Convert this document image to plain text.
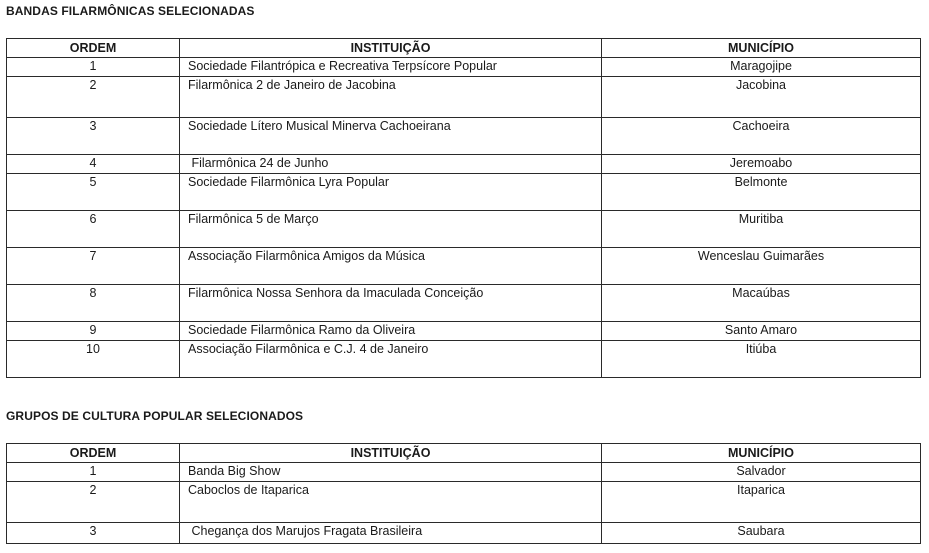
BANDAS FILARMÔNICAS SELECIONADAS
ORDEM	INSTITUIÇÃO	MUNICÍPIO
1	Sociedade Filantrópica e Recreativa Terpsícore Popular	Maragojipe
2	Filarmônica 2 de Janeiro de Jacobina	Jacobina
3	Sociedade Lítero Musical Minerva Cachoeirana	Cachoeira
4	Filarmônica 24 de Junho	Jeremoabo
5	Sociedade Filarmônica Lyra Popular	Belmonte
6	Filarmônica 5 de Março	Muritiba
7	Associação Filarmônica Amigos da Música	Wenceslau Guimarães
8	Filarmônica Nossa Senhora da Imaculada Conceição	Macaúbas
9	Sociedade Filarmônica Ramo da Oliveira	Santo Amaro
10	Associação Filarmônica e C.J. 4 de Janeiro	Itiúba
GRUPOS DE CULTURA POPULAR SELECIONADOS
ORDEM	INSTITUIÇÃO	MUNICÍPIO
1	Banda Big Show	Salvador
2	Caboclos de Itaparica	Itaparica
3	Chegança dos Marujos Fragata Brasileira	Saubara
